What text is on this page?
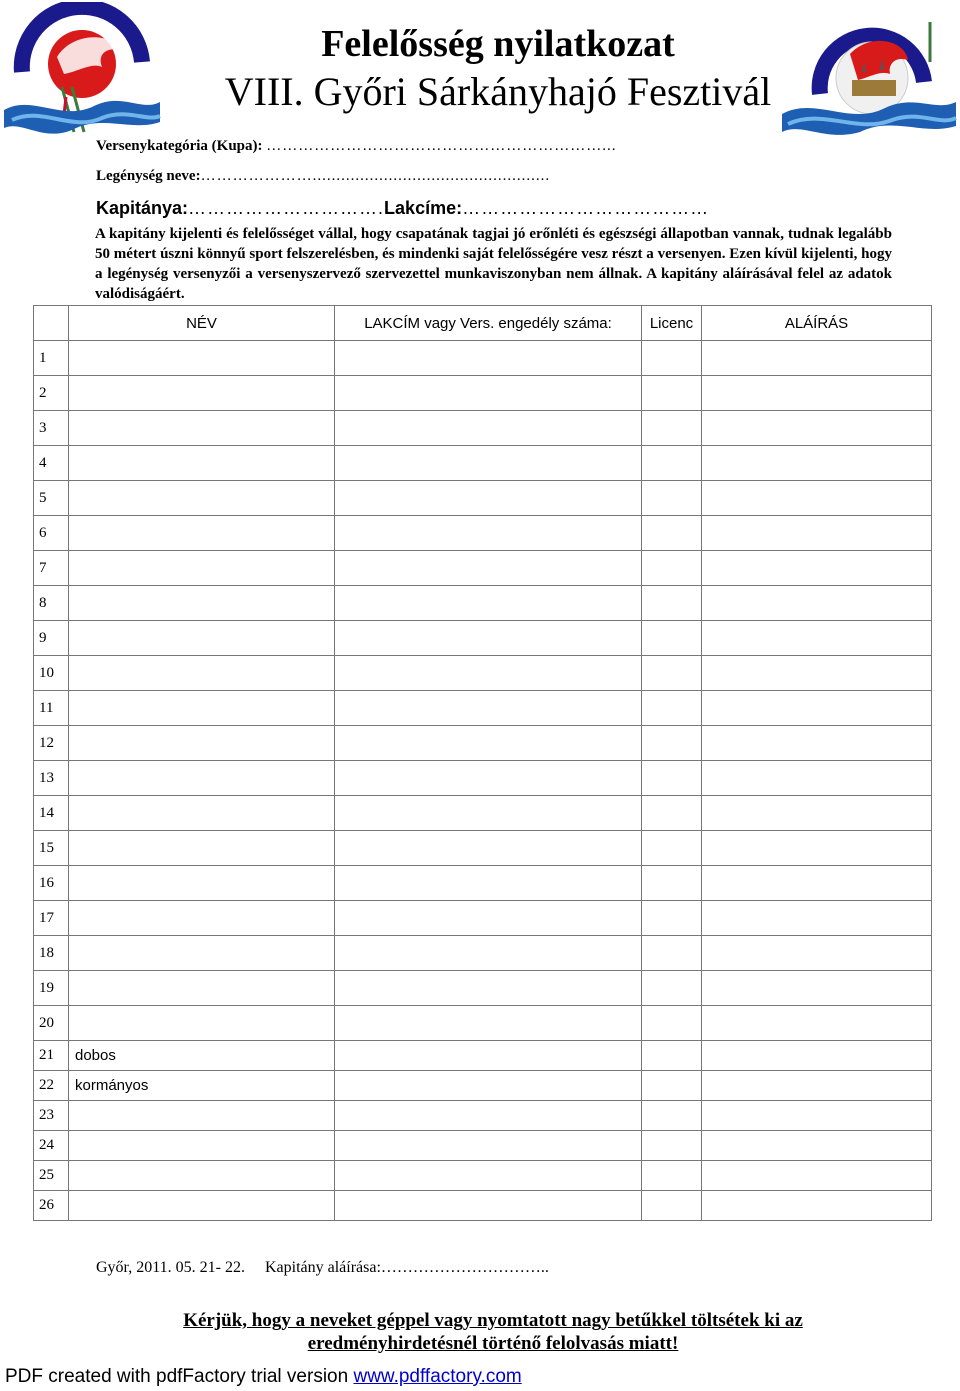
Felelősség nyilatkozat
VIII. Győri Sárkányhajó Fesztivál
Versenykategória (Kupa): ………………………………………………………...
Legénység neve:…………………..................................................
Kapitánya:………………………….Lakcíme:…………………………………
A kapitány kijelenti és felelősséget vállal, hogy csapatának tagjai jó erőnléti és egészségi állapotban vannak, tudnak legalább 50 métert úszni könnyű sport felszerelésben, és mindenki saját felelősségére vesz részt a versenyen. Ezen kívül kijelenti, hogy a legénység versenyzői a versenyszervező szervezettel munkaviszonyban nem állnak. A kapitány aláírásával felel az adatok valódiságáért.
	NÉV	LAKCÍM vagy Vers. engedély száma:	Licenc	ALÁÍRÁS
1				
2				
3				
4				
5				
6				
7				
8				
9				
10				
11				
12				
13				
14				
15				
16				
17				
18				
19				
20				
21	dobos			
22	kormányos			
23				
24				
25				
26				
Győr, 2011. 05. 21- 22. Kapitány aláírása:…………………………..
Kérjük, hogy a neveket géppel vagy nyomtatott nagy betűkkel töltsétek ki az
eredményhirdetésnél történő felolvasás miatt!
PDF created with pdfFactory trial version www.pdffactory.com
